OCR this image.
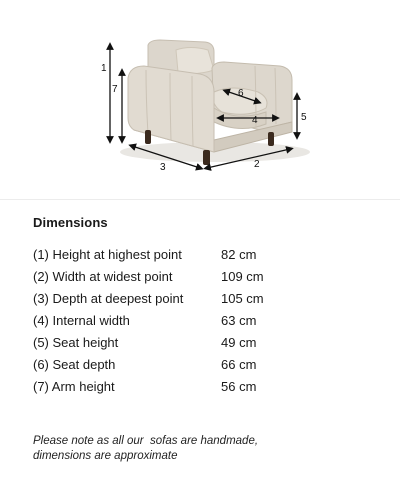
1
7
3	2
5
6
4
Dimensions
(1) Height at highest point	82 cm
(2) Width at widest point	109 cm
(3) Depth at deepest point	105 cm
(4) Internal width	63 cm
(5) Seat height	49 cm
(6) Seat depth	66 cm
(7) Arm height	56 cm
Please note as all our  sofas are handmade,
dimensions are approximate
